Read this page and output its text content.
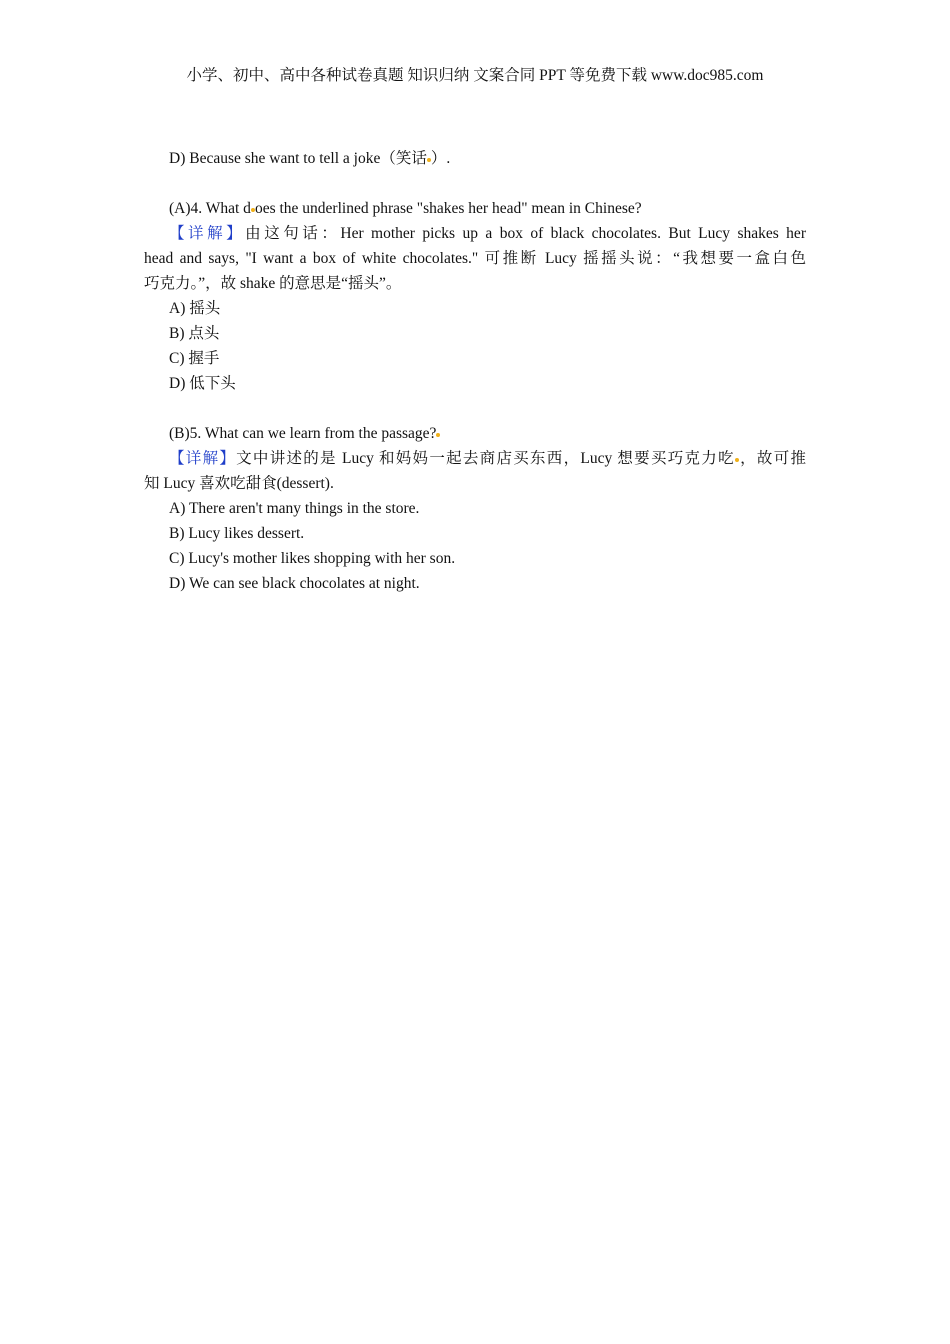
小学、初中、高中各种试卷真题 知识归纳 文案合同 PPT 等免费下载 www.doc985.com
D) Because she want to tell a joke（笑话 ）.
(A)4. What d oes the underlined phrase "shakes her head" mean in Chinese?
【详解】由这句话：Her mother picks up a box of black chocolates. But Lucy shakes her
head and says, "I want a box of white chocolates." 可推断 Lucy 摇摇头说：“我想要一盒白色
巧克力。”，故 shake 的意思是“摇头”。
A) 摇头
B) 点头
C) 握手
D) 低下头
(B)5. What can we learn from the passage?
【详解】文中讲述的是 Lucy 和妈妈一起去商店买东西，Lucy 想要买巧克力吃 ，故可推
知 Lucy 喜欢吃甜食(dessert).
A) There aren't many things in the store.
B) Lucy likes dessert.
C) Lucy's mother likes shopping with her son.
D) We can see black chocolates at night.
